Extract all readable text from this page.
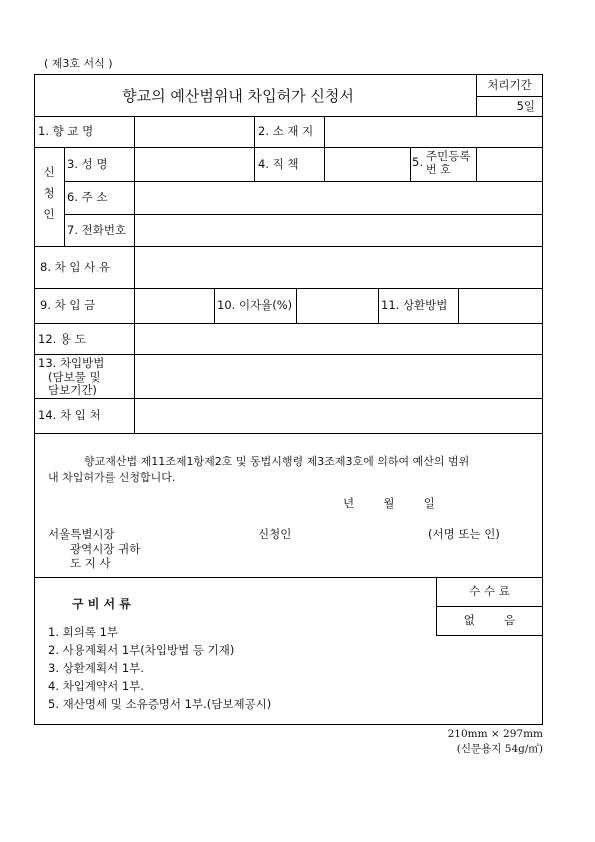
( 제3호 서식 )
향교의 예산범위내 차입허가 신청서
처리기간
5일
1. 향 교 명	2. 소 재 지
신
청
인
3. 성 명	4. 직 책	5. 주민등록
번 호
6. 주 소
7. 전화번호
8. 차 입 사 유
9. 차 입 금	10. 이자율(%)	11. 상환방법
12. 용 도
13. 차입방법
(담보물 및
담보기간)
14. 차 입 처
향교재산법 제11조제1항제2호 및 동법시행령 제3조제3호에 의하여 예산의 범위
내 차입허가를 신청합니다.
년        월        일
서울특별시장
광역시장 귀하
도 지 사
신청인	(서명 또는 인)
구 비 서 류
수 수 료
없        음
1. 회의록 1부
2. 사용계획서 1부(차입방법 등 기재)
3. 상환계획서 1부.
4. 차입계약서 1부.
5. 재산명세 및 소유증명서 1부.(담보제공시)
210mm × 297mm
(신문용지 54g/㎡)
